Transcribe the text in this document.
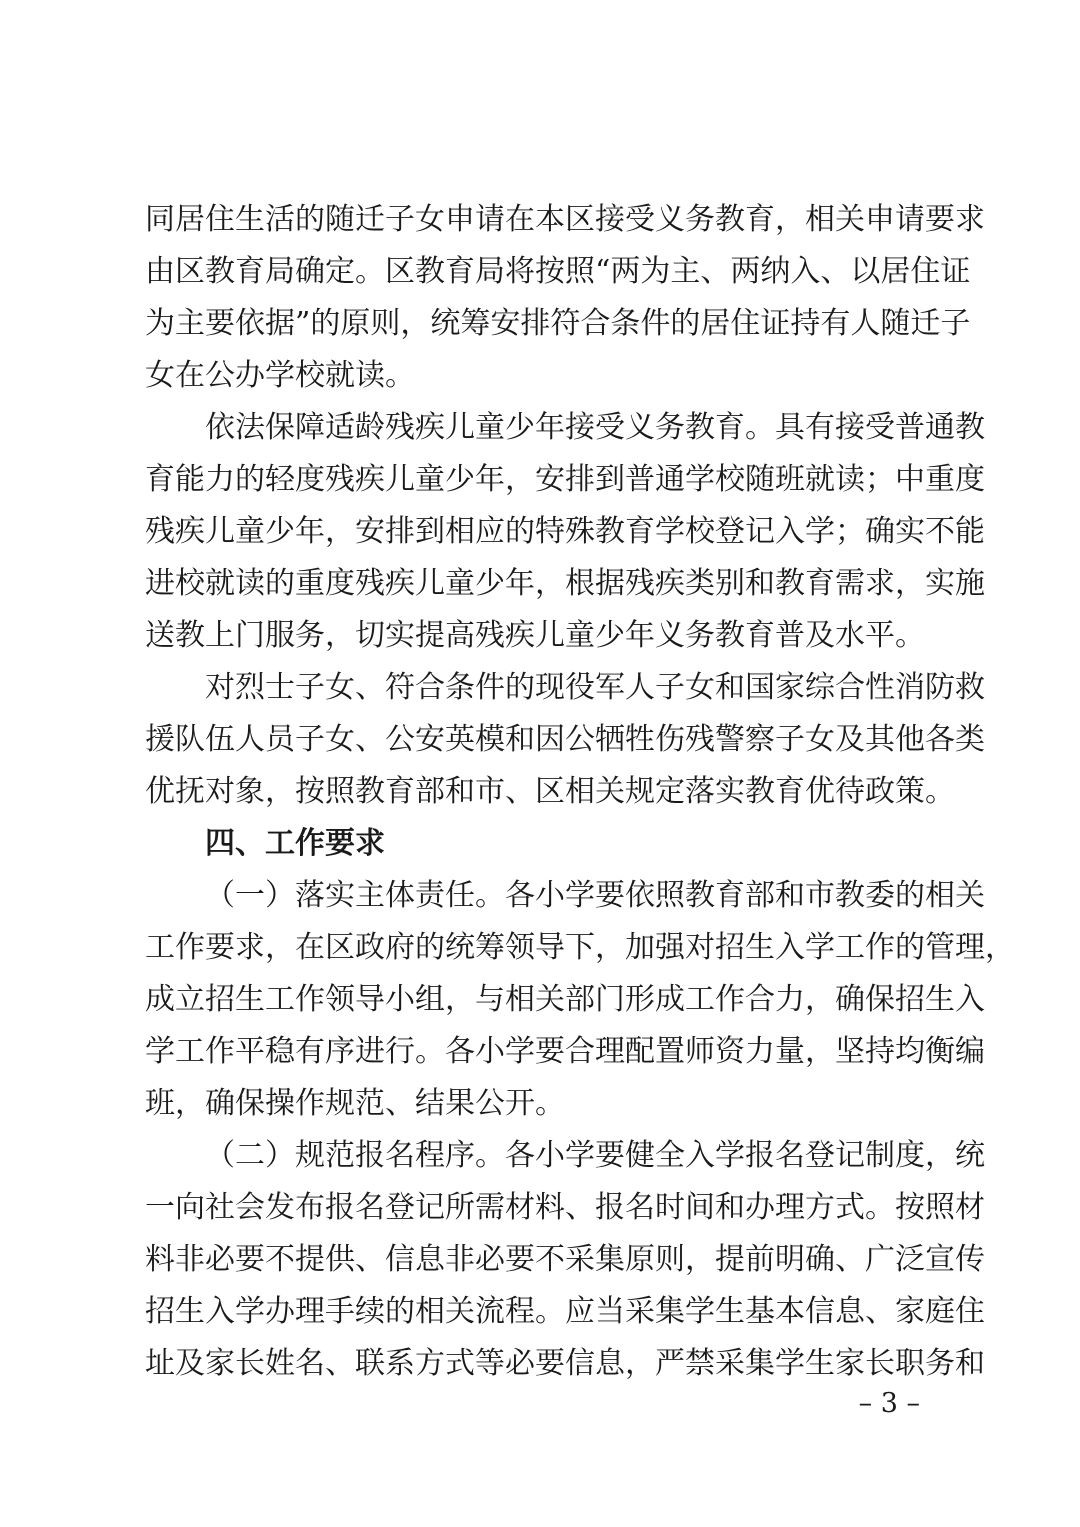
同居住生活的随迁子女申请在本区接受义务教育，相关申请要求
由区教育局确定。区教育局将按照“两为主、两纳入、以居住证
为主要依据”的原则，统筹安排符合条件的居住证持有人随迁子
女在公办学校就读。
依法保障适龄残疾儿童少年接受义务教育。具有接受普通教
育能力的轻度残疾儿童少年，安排到普通学校随班就读；中重度
残疾儿童少年，安排到相应的特殊教育学校登记入学；确实不能
进校就读的重度残疾儿童少年，根据残疾类别和教育需求，实施
送教上门服务，切实提高残疾儿童少年义务教育普及水平。
对烈士子女、符合条件的现役军人子女和国家综合性消防救
援队伍人员子女、公安英模和因公牺牲伤残警察子女及其他各类
优抚对象，按照教育部和市、区相关规定落实教育优待政策。
四、工作要求
（一）落实主体责任。各小学要依照教育部和市教委的相关
工作要求，在区政府的统筹领导下，加强对招生入学工作的管理，
成立招生工作领导小组，与相关部门形成工作合力，确保招生入
学工作平稳有序进行。各小学要合理配置师资力量，坚持均衡编
班，确保操作规范、结果公开。
（二）规范报名程序。各小学要健全入学报名登记制度，统
一向社会发布报名登记所需材料、报名时间和办理方式。按照材
料非必要不提供、信息非必要不采集原则，提前明确、广泛宣传
招生入学办理手续的相关流程。应当采集学生基本信息、家庭住
址及家长姓名、联系方式等必要信息，严禁采集学生家长职务和
– 3 –
